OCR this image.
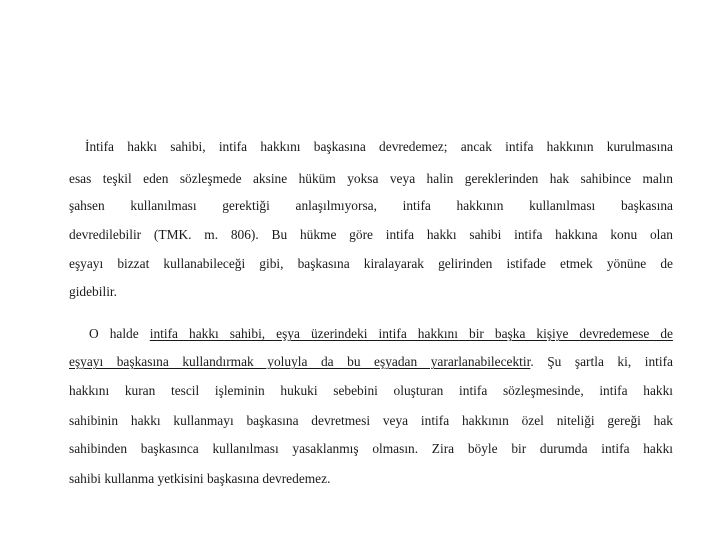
İntifa hakkı sahibi, intifa hakkını başkasına devredemez; ancak intifa hakkının kurulmasına
esas teşkil eden sözleşmede aksine hüküm yoksa veya halin gereklerinden hak sahibince malın
şahsen kullanılması gerektiği anlaşılmıyorsa, intifa hakkının kullanılması başkasına
devredilebilir (TMK. m. 806). Bu hükme göre intifa hakkı sahibi intifa hakkına konu olan
eşyayı bizzat kullanabileceği gibi, başkasına kiralayarak gelirinden istifade etmek yönüne de
gidebilir.
O halde intifa hakkı sahibi, eşya üzerindeki intifa hakkını bir başka kişiye devredemese de
eşyayı başkasına kullandırmak yoluyla da bu eşyadan yararlanabilecektir. Şu şartla ki, intifa
hakkını kuran tescil işleminin hukuki sebebini oluşturan intifa sözleşmesinde, intifa hakkı
sahibinin hakkı kullanmayı başkasına devretmesi veya intifa hakkının özel niteliği gereği hak
sahibinden başkasınca kullanılması yasaklanmış olmasın. Zira böyle bir durumda intifa hakkı
sahibi kullanma yetkisini başkasına devredemez.
